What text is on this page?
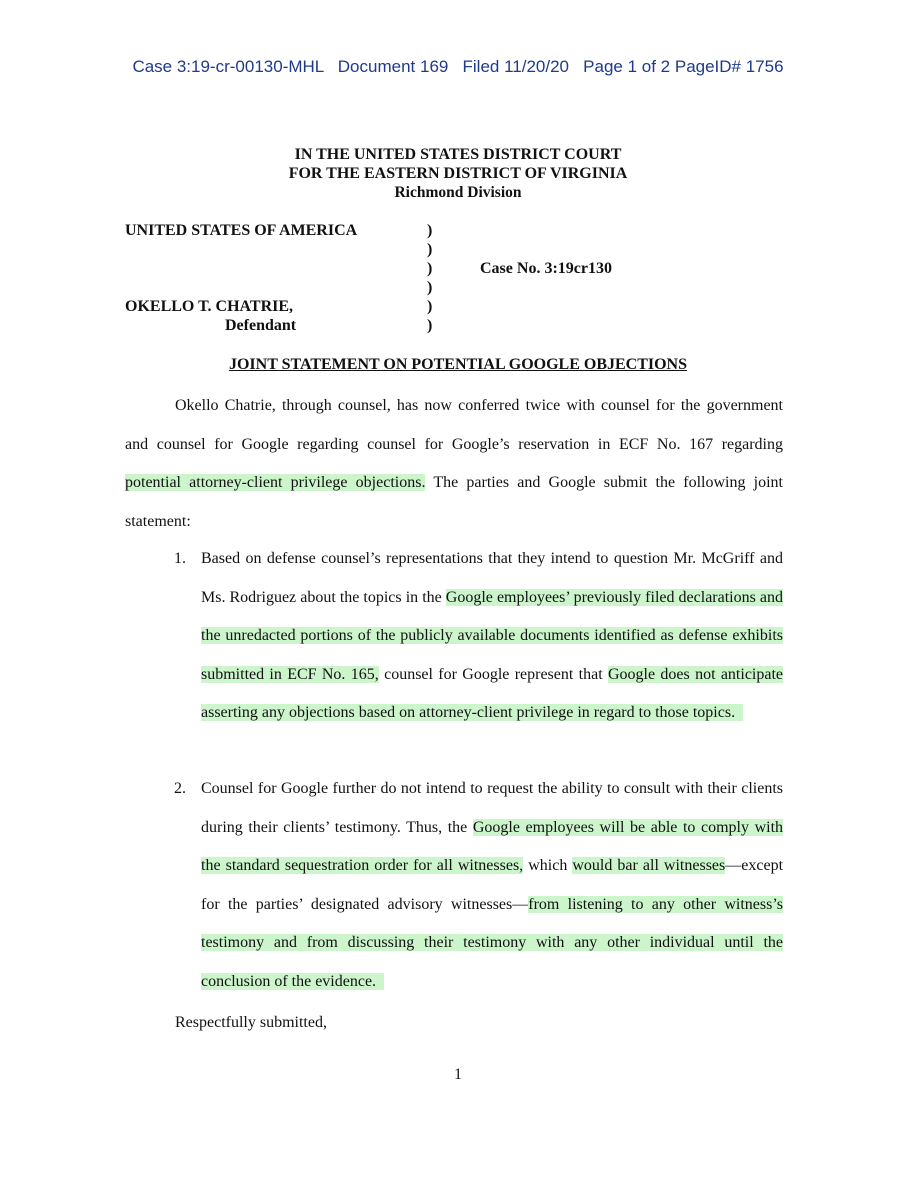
Case 3:19-cr-00130-MHL   Document 169   Filed 11/20/20   Page 1 of 2 PageID# 1756
IN THE UNITED STATES DISTRICT COURT
FOR THE EASTERN DISTRICT OF VIRGINIA
Richmond Division
UNITED STATES OF AMERICA	)
)
)	Case No. 3:19cr130
)
OKELLO T. CHATRIE,	)
Defendant	)
JOINT STATEMENT ON POTENTIAL GOOGLE OBJECTIONS
Okello Chatrie, through counsel, has now conferred twice with counsel for the government and counsel for Google regarding counsel for Google’s reservation in ECF No. 167 regarding potential attorney-client privilege objections. The parties and Google submit the following joint statement:
1. Based on defense counsel’s representations that they intend to question Mr. McGriff and Ms. Rodriguez about the topics in the Google employees’ previously filed declarations and the unredacted portions of the publicly available documents identified as defense exhibits submitted in ECF No. 165, counsel for Google represent that Google does not anticipate asserting any objections based on attorney-client privilege in regard to those topics.
2. Counsel for Google further do not intend to request the ability to consult with their clients during their clients’ testimony. Thus, the Google employees will be able to comply with the standard sequestration order for all witnesses, which would bar all witnesses—except for the parties’ designated advisory witnesses—from listening to any other witness’s testimony and from discussing their testimony with any other individual until the conclusion of the evidence.
Respectfully submitted,
1
